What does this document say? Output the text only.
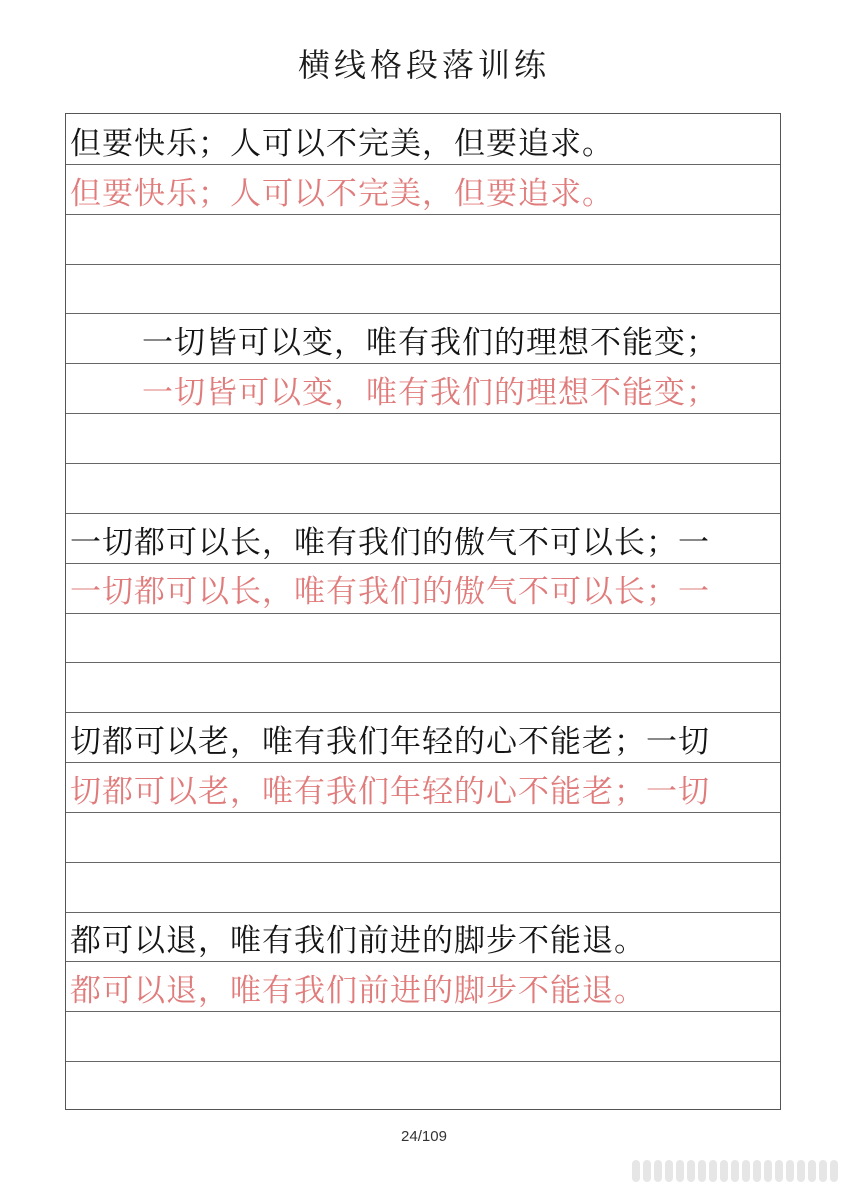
横线格段落训练
但要快乐；人可以不完美，但要追求。
但要快乐；人可以不完美，但要追求。
一切皆可以变，唯有我们的理想不能变；
一切皆可以变，唯有我们的理想不能变；
一切都可以长，唯有我们的傲气不可以长；一
一切都可以长，唯有我们的傲气不可以长；一
切都可以老，唯有我们年轻的心不能老；一切
切都可以老，唯有我们年轻的心不能老；一切
都可以退，唯有我们前进的脚步不能退。
都可以退，唯有我们前进的脚步不能退。
24/109
